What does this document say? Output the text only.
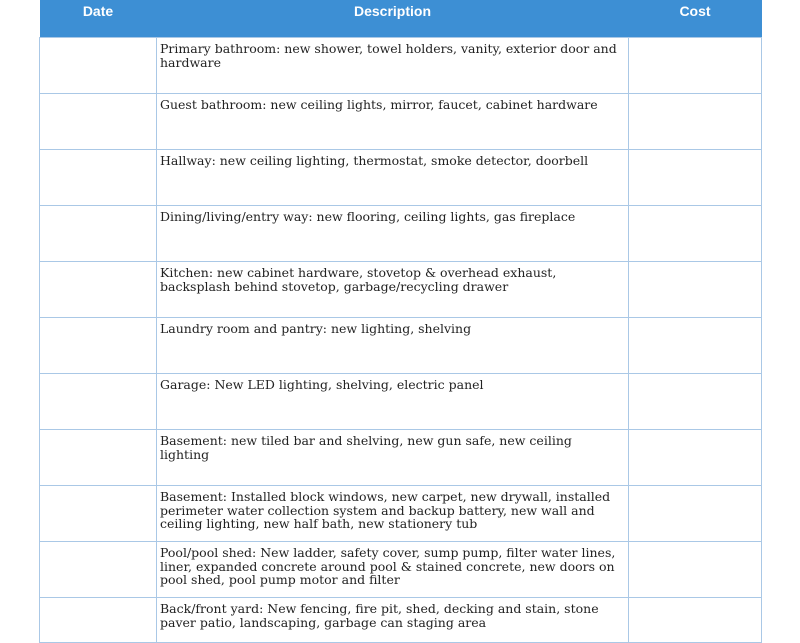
Date	Description	Cost
	Primary bathroom: new shower, towel holders, vanity, exterior door and hardware	
	Guest bathroom: new ceiling lights, mirror, faucet, cabinet hardware	
	Hallway: new ceiling lighting, thermostat, smoke detector, doorbell	
	Dining/living/entry way: new flooring, ceiling lights, gas fireplace	
	Kitchen: new cabinet hardware, stovetop & overhead exhaust, backsplash behind stovetop, garbage/recycling drawer	
	Laundry room and pantry: new lighting, shelving	
	Garage: New LED lighting, shelving, electric panel	
	Basement: new tiled bar and shelving, new gun safe, new ceiling lighting	
	Basement: Installed block windows, new carpet, new drywall, installed perimeter water collection system and backup battery, new wall and ceiling lighting, new half bath, new stationery tub	
	Pool/pool shed: New ladder, safety cover, sump pump, filter water lines, liner, expanded concrete around pool & stained concrete, new doors on pool shed, pool pump motor and filter	
	Back/front yard: New fencing, fire pit, shed, decking and stain, stone paver patio, landscaping, garbage can staging area	
